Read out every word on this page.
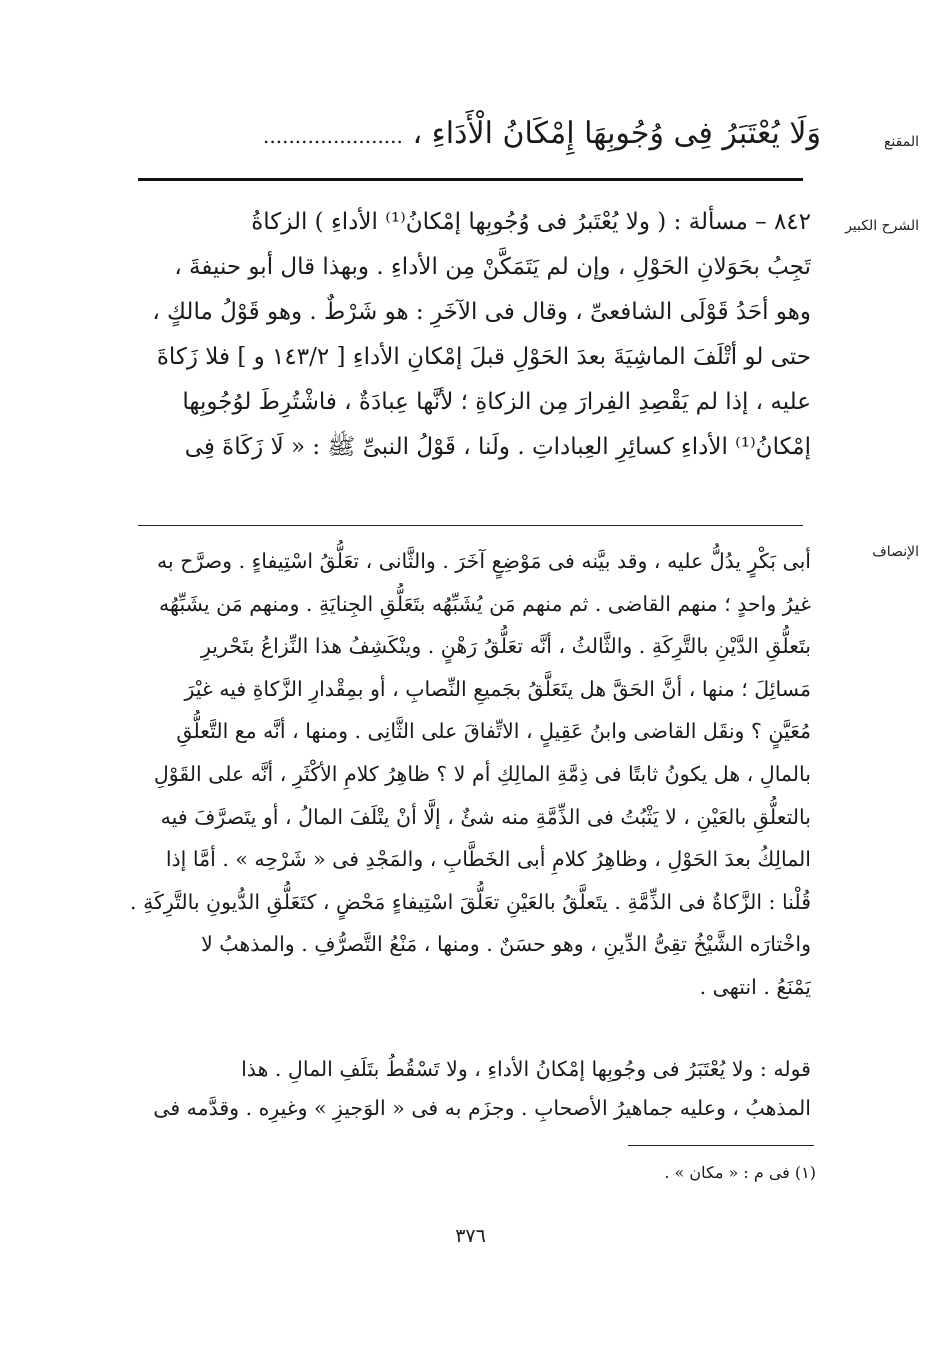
المقنع
الشرح الكبير
الإنصاف
وَلَا يُعْتَبَرُ فِى وُجُوبِهَا إِمْكَانُ الْأَدَاءِ ، ......................

٨٤٢ – مسألة : ( ولا يُعْتَبرُ فى وُجُوبِها إمْكانُ⁽¹⁾ الأداءِ ) الزكاةُ

تَجِبُ بحَوَلانِ الحَوْلِ ، وإن لم يَتَمَكَّنْ مِن الأداءِ . وبهذا قال أبو حنيفةَ ،

وهو أحَدُ قَوْلَى الشافعىِّ ، وقال فى الآخَرِ : هو شَرْطٌ . وهو قَوْلُ مالكٍ ،

حتى لو أتْلَفَ الماشِيَةَ بعدَ الحَوْلِ قبلَ إمْكانِ الأداءِ [ ١٤٣/٢ و ] فلا زَكاةَ

عليه ، إذا لم يَقْصِدِ الفِرارَ مِن الزكاةِ ؛ لأنَّها عِبادَةٌ ، فاشْتُرِطَ لوُجُوبِها

إمْكانُ⁽¹⁾ الأداءِ كسائِرِ العِباداتِ . ولَنا ، قَوْلُ النبىِّ ﷺ : « لَا زَكَاةَ فِى

أبى بَكْرٍ يدُلُّ عليه ، وقد بيَّنه فى مَوْضِعٍ آخَرَ . والثَّانى ، تعَلُّقُ اسْتِيفاءٍ . وصرَّح به

غيرُ واحدٍ ؛ منهم القاضى . ثم منهم مَن يُشَبِّهُه بتَعَلُّقِ الجِنايَةِ . ومنهم مَن يشَبِّهُه

بتَعلُّقِ الدَّيْنِ بالتَّرِكَةِ . والثَّالثُ ، أنَّه تعَلُّقُ رَهْنٍ . وينْكَشِفُ هذا النِّزاعُ بتَحْريرِ

مَسائِلَ ؛ منها ، أنَّ الحَقَّ هل يتَعَلَّقُ بجَميعِ النِّصابِ ، أو بمِقْدارِ الزَّكاةِ فيه غيْرَ

مُعَيَّنٍ ؟ ونقَل القاضى وابنُ عَقِيلٍ ، الاتِّفاقَ على الثَّانِى . ومنها ، أنَّه مع التَّعلُّقِ

بالمالِ ، هل يكونُ ثابتًا فى ذِمَّةِ المالِكِ أم لا ؟ ظاهِرُ كلامِ الأكْثَرِ ، أنَّه على القَوْلِ

بالتعلُّقِ بالعَيْنِ ، لا يَثْبُتُ فى الذِّمَّةِ منه شئٌ ، إلَّا أنْ يتْلَفَ المالُ ، أو يتَصرَّفَ فيه

المالِكُ بعدَ الحَوْلِ ، وظاهِرُ كلامِ أبى الخَطَّابِ ، والمَجْدِ فى « شَرْحِه » . أمَّا إذا

قُلْنا : الزَّكاةُ فى الذِّمَّةِ . يتَعلَّقُ بالعَيْنِ تعَلُّقَ اسْتِيفاءٍ مَحْضٍ ، كتَعَلُّقِ الدُّيونِ بالتَّرِكَةِ .

واخْتارَه الشَّيْخُ تقِىُّ الدِّينِ ، وهو حسَنٌ . ومنها ، مَنْعُ التَّصرُّفِ . والمذهبُ لا

يَمْنَعُ . انتهى .

قوله : ولا يُعْتَبَرُ فى وجُوبِها إمْكانُ الأداءِ ، ولا تَسْقُطُ بتَلَفِ المالِ . هذا

المذهبُ ، وعليه جماهيرُ الأصحابِ . وجزَم به فى « الوَجيزِ » وغيرِه . وقدَّمه فى

(١) فى م : « مكان » .
٣٧٦
